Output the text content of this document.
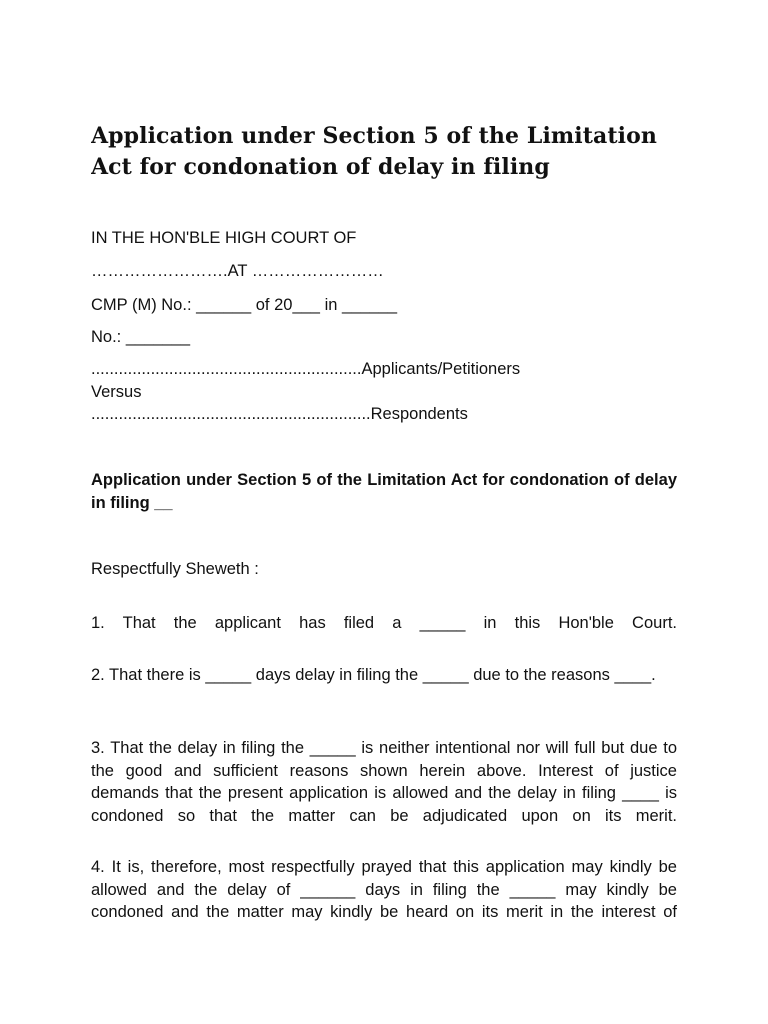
Application under Section 5 of the Limitation Act for condonation of delay in filing
IN THE HON'BLE HIGH COURT OF
…………………….AT ……………………
CMP (M) No.: ______ of 20___ in ______
No.: _______
...........................................................Applicants/Petitioners
Versus
.............................................................Respondents

Application under Section 5 of the Limitation Act for condonation of delay in filing __

Respectfully Sheweth :

1. That the applicant has filed a _____ in this Hon'ble Court.

2. That there is _____ days delay in filing the _____ due to the reasons ____.

3. That the delay in filing the _____ is neither intentional nor will full but due to the good and sufficient reasons shown herein above. Interest of justice demands that the present application is allowed and the delay in filing ____ is condoned so that the matter can be adjudicated upon on its merit.

4. It is, therefore, most respectfully prayed that this application may kindly be allowed and the delay of ______ days in filing the _____ may kindly be condoned and the matter may kindly be heard on its merit in the interest of
